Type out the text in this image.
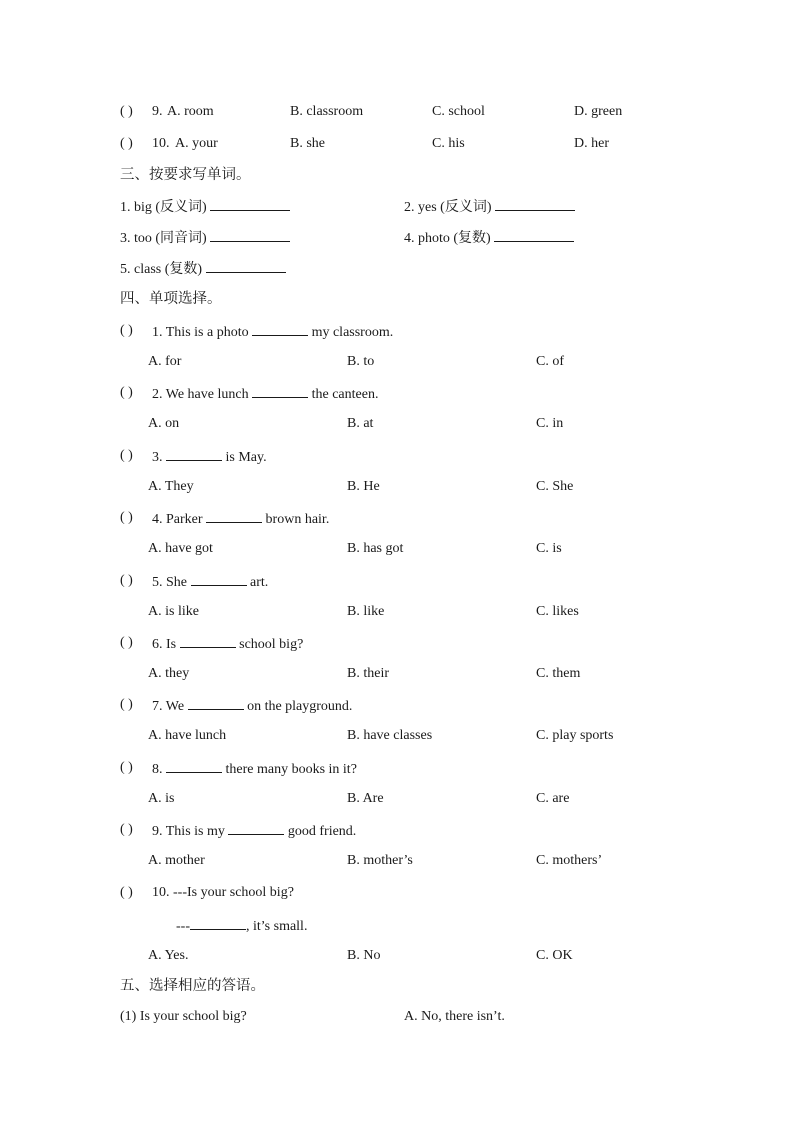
( ) 9. A. room	B. classroom	C. school	D. green
( ) 10. A. your	B. she	C. his	D. her
三、按要求写单词。
1. big (反义词)	2. yes (反义词)
3. too (同音词)	4. photo (复数)
5. class (复数)
四、单项选择。
( ) 1. This is a photo	my classroom.
A. for	B. to	C. of
( ) 2. We have lunch	the canteen.
A. on	B. at	C. in
( ) 3.	is May.
A. They	B. He	C. She
( ) 4. Parker	brown hair.
A. have got	B. has got	C. is
( ) 5. She	art.
A. is like	B. like	C. likes
( ) 6. Is	school big?
A. they	B. their	C. them
( ) 7. We	on the playground.
A. have lunch	B. have classes	C. play sports
( ) 8.	there many books in it?
A. is	B. Are	C. are
( ) 9. This is my	good friend.
A. mother	B. mother’s	C. mothers’
( ) 10. ---Is your school big?
---	, it’s small.
A. Yes.	B. No	C. OK
五、选择相应的答语。
(1) Is your school big?	A. No, there isn’t.
